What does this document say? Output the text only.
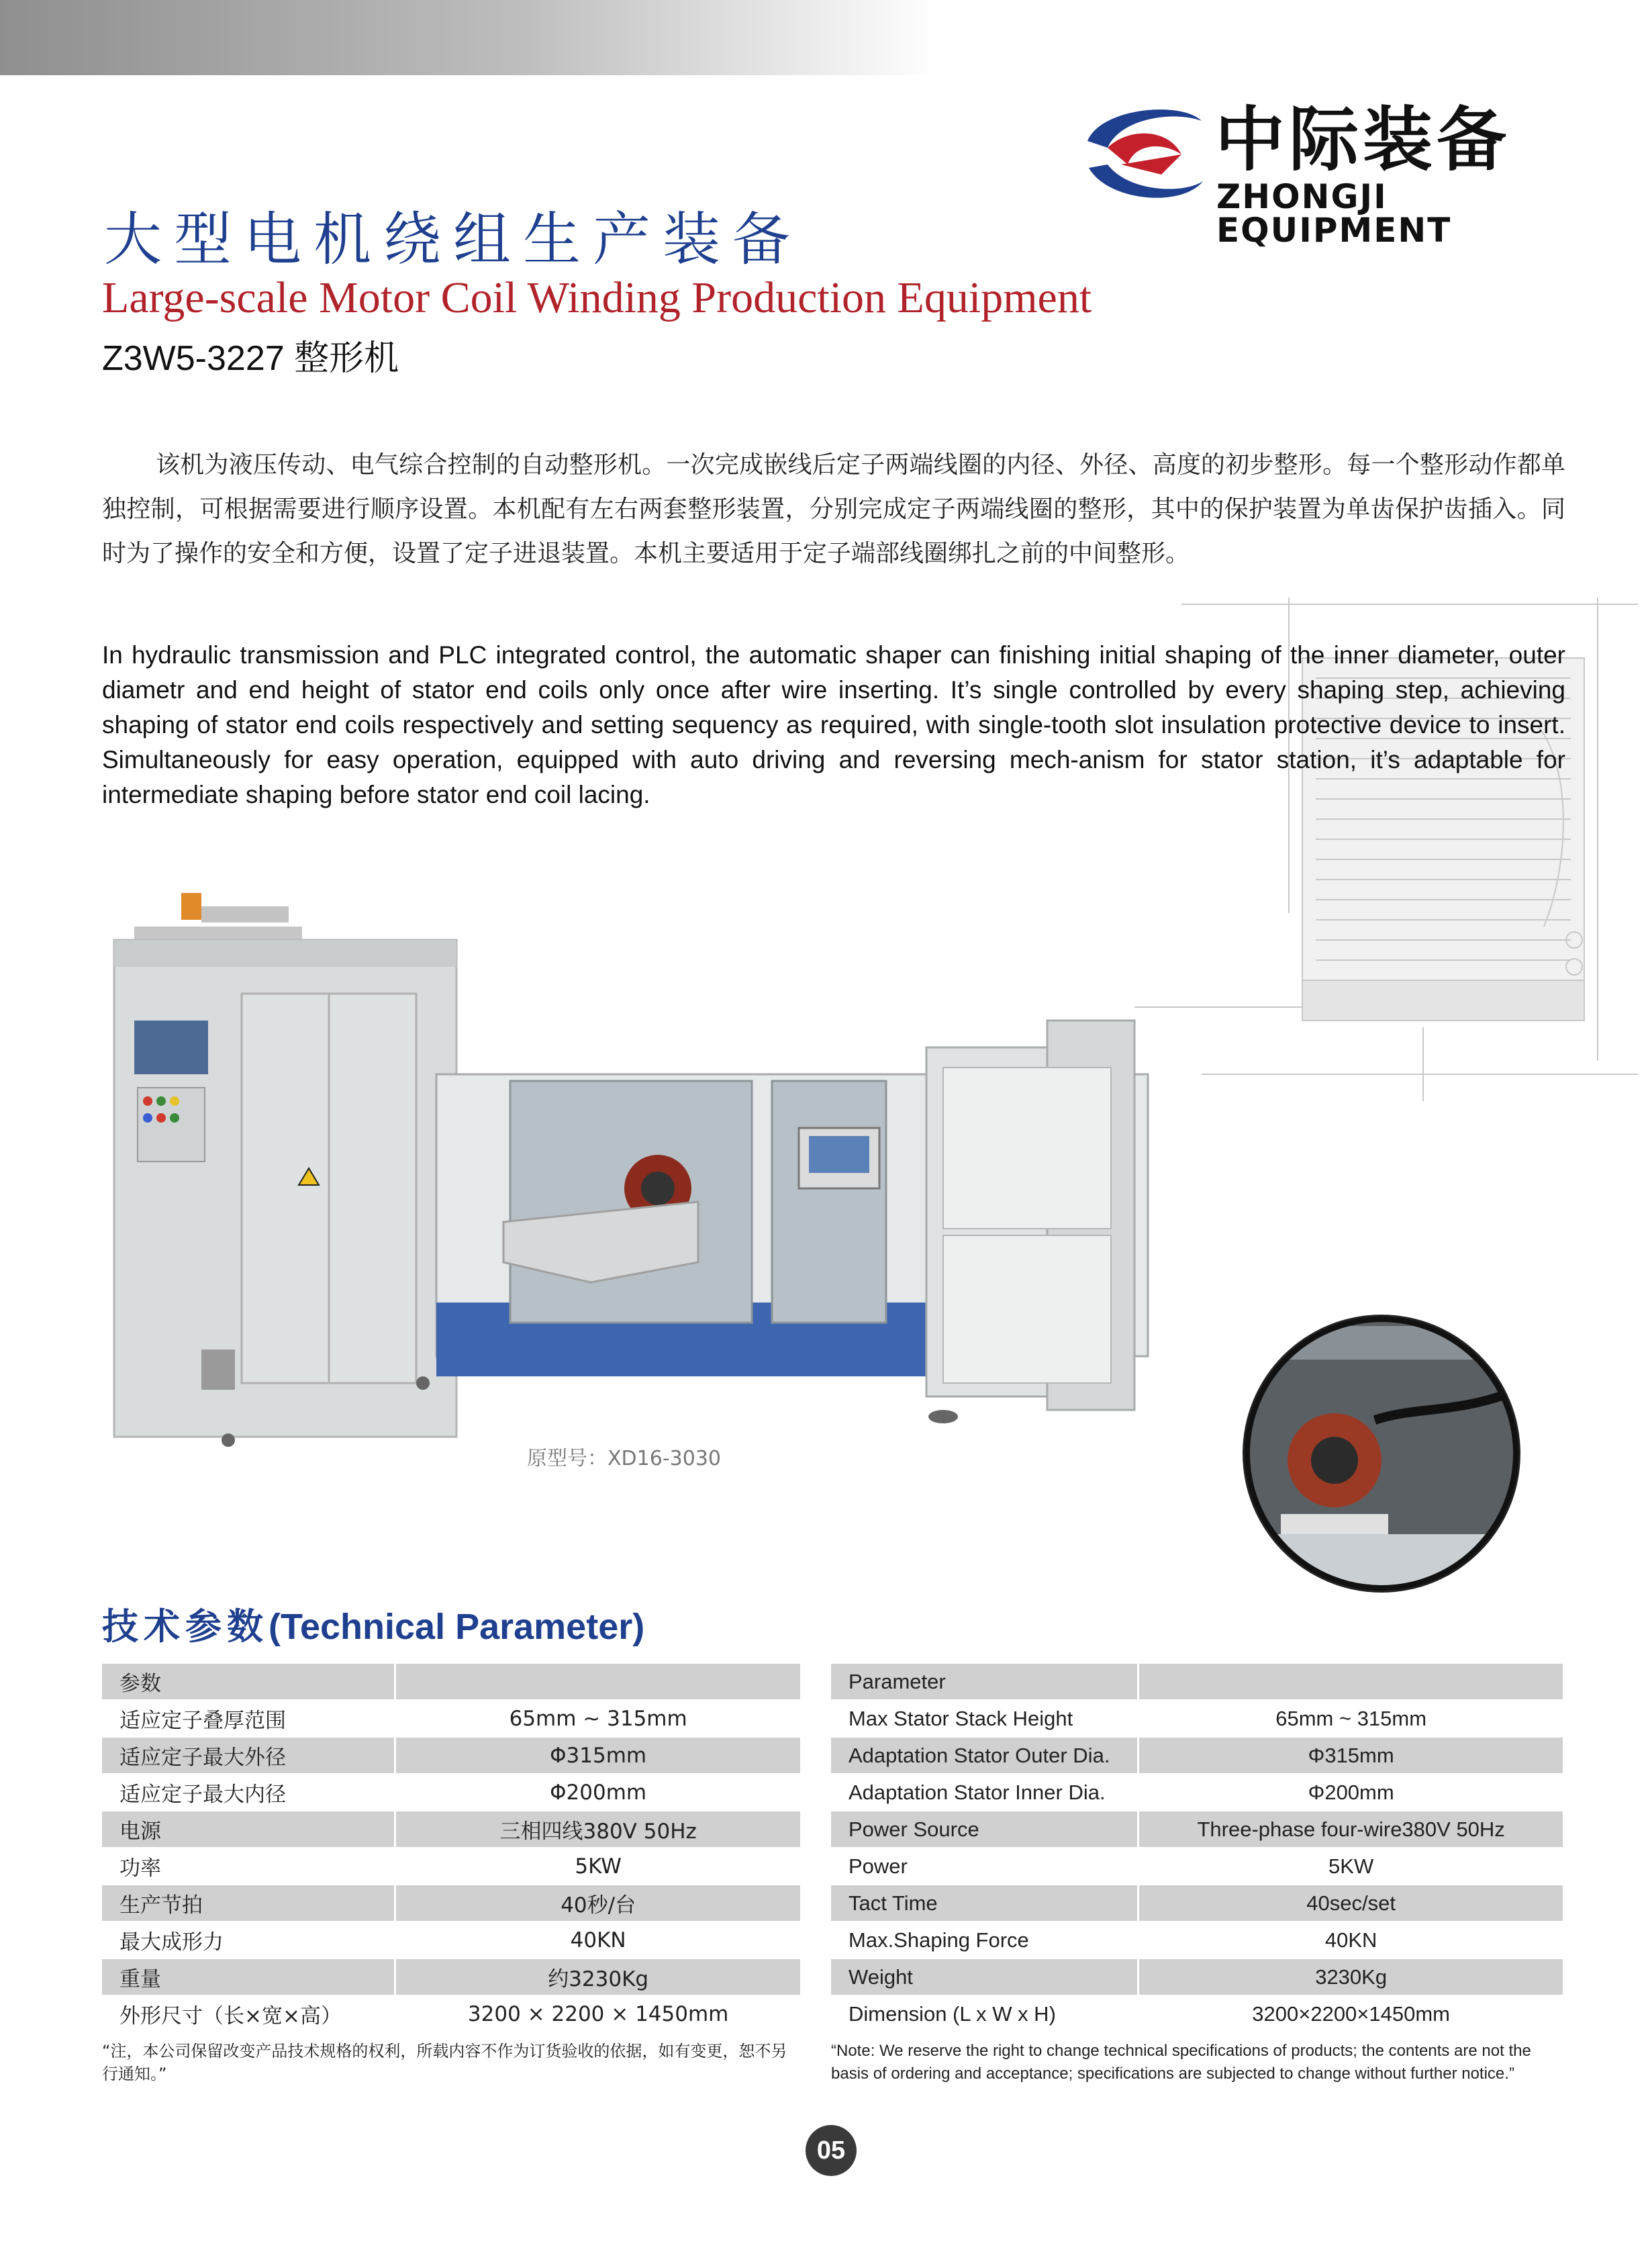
中际装备
ZHONGJI EQUIPMENT
大型电机绕组生产装备
Large-scale Motor Coil Winding Production Equipment
Z3W5-3227 整形机
该机为液压传动、电气综合控制的自动整形机。一次完成嵌线后定子两端线圈的内径、外径、高度的初步整形。每一个整形动作都单独控制，可根据需要进行顺序设置。本机配有左右两套整形装置，分别完成定子两端线圈的整形，其中的保护装置为单齿保护齿插入。同时为了操作的安全和方便，设置了定子进退装置。本机主要适用于定子端部线圈绑扎之前的中间整形。
In hydraulic transmission and PLC integrated control, the automatic shaper can finishing initial shaping of the inner diameter, outer diametr and end height of stator end coils only once after wire inserting. It’s single controlled by every shaping step, achieving shaping of stator end coils respectively and setting sequency as required, with single-tooth slot insulation protective device to insert. Simultaneously for easy operation, equipped with auto driving and reversing mech-anism for stator station, it’s adaptable for intermediate shaping before stator end coil lacing.
原型号：XD16-3030
技术参数(Technical Parameter)
参数	
适应定子叠厚范围	65mm ~ 315mm
适应定子最大外径	Φ315mm
适应定子最大内径	Φ200mm
电源	三相四线380V 50Hz
功率	5KW
生产节拍	40秒/台
最大成形力	40KN
重量	约3230Kg
外形尺寸（长×宽×高）	3200 × 2200 × 1450mm
Parameter	
Max Stator Stack Height	65mm ~ 315mm
Adaptation Stator Outer Dia.	Φ315mm
Adaptation Stator Inner Dia.	Φ200mm
Power Source	Three-phase four-wire380V 50Hz
Power	5KW
Tact Time	40sec/set
Max.Shaping Force	40KN
Weight	3230Kg
Dimension (L x W x H)	3200×2200×1450mm
“注，本公司保留改变产品技术规格的权利，所载内容不作为订货验收的依据，如有变更，恕不另行通知。”
“Note: We reserve the right to change technical specifications of products; the contents are not the basis of ordering and acceptance; specifications are subjected to change without further notice.”
05
